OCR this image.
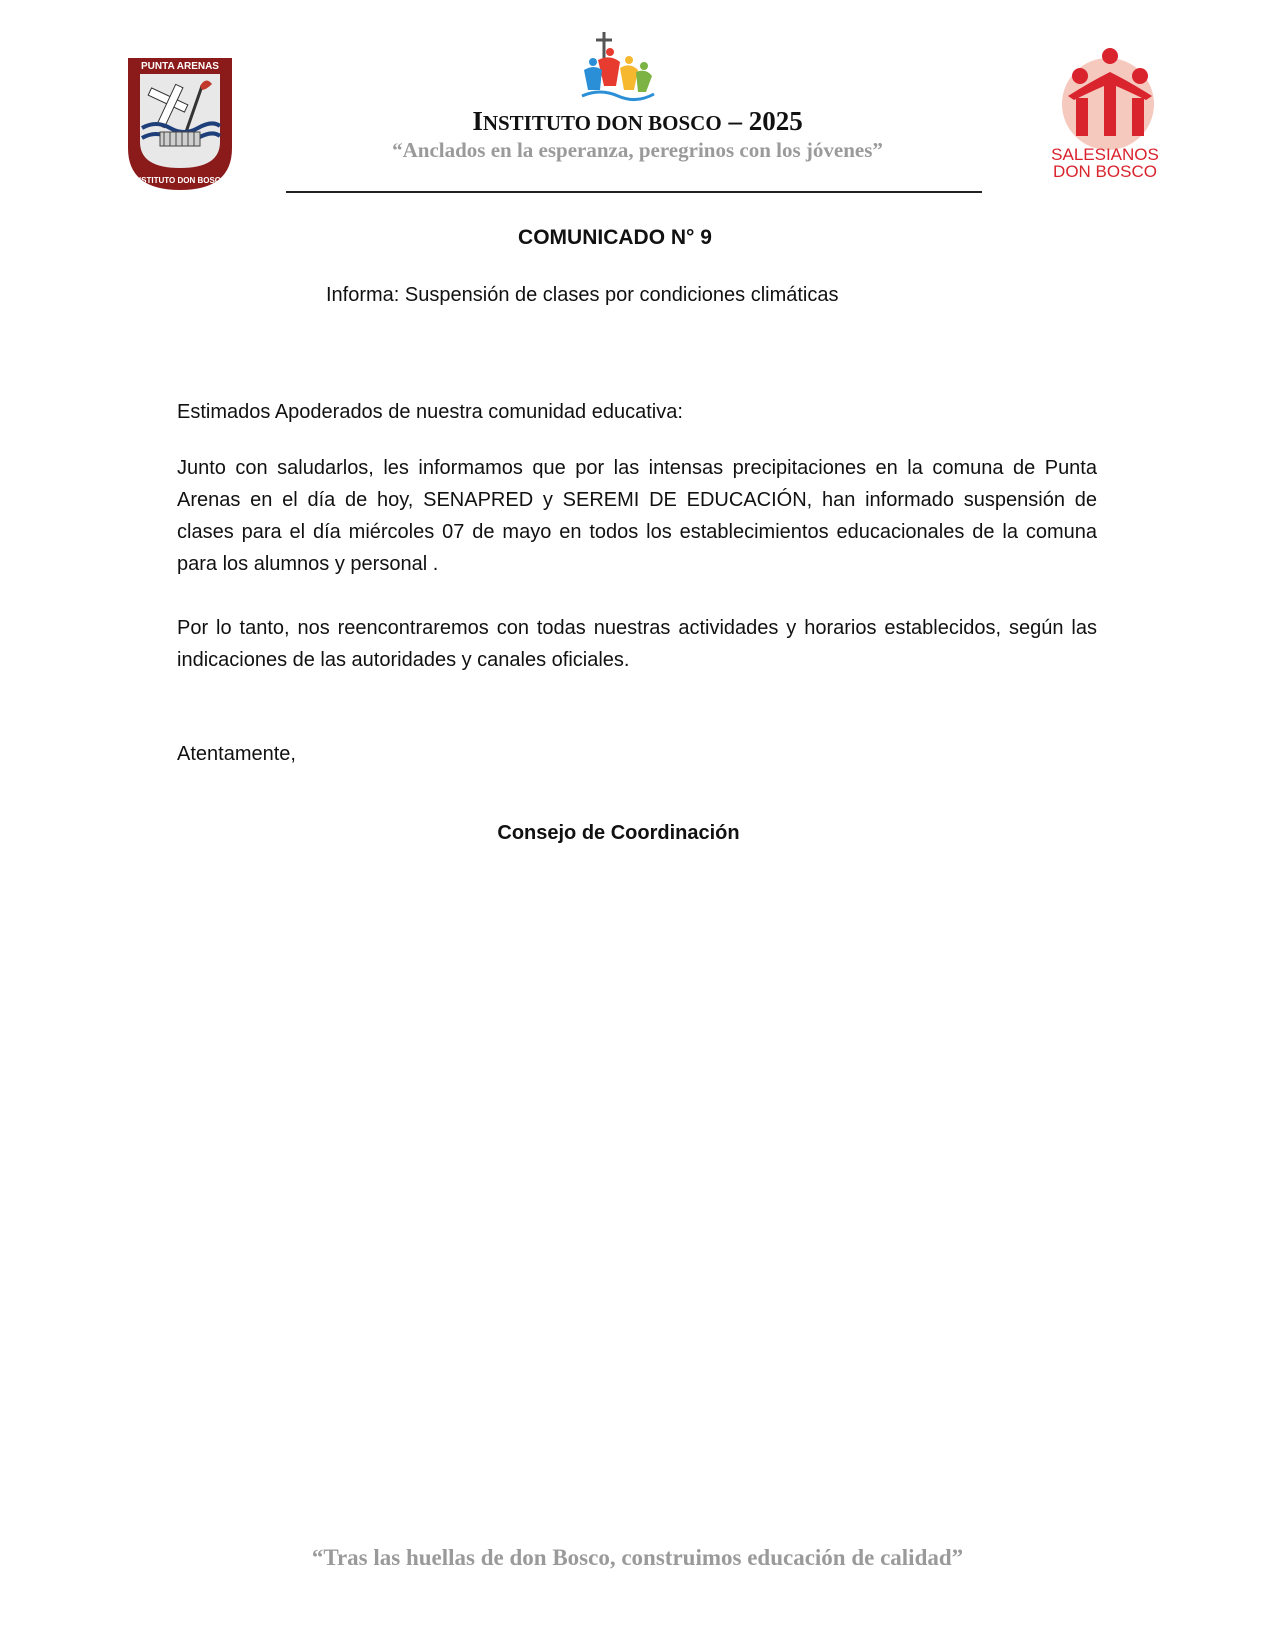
PUNTA ARENAS
INSTITUTO DON BOSCO
SALESIANOS
DON BOSCO
INSTITUTO DON BOSCO – 2025
“Anclados en la esperanza, peregrinos con los jóvenes”
COMUNICADO N° 9
Informa: Suspensión de clases por condiciones climáticas
Estimados Apoderados de nuestra comunidad educativa:
Junto con saludarlos, les informamos que por las intensas precipitaciones en la comuna de Punta Arenas en el día de hoy, SENAPRED y SEREMI DE EDUCACIÓN, han informado suspensión de clases para el día miércoles 07 de mayo en todos los establecimientos educacionales de la comuna para los alumnos y personal .
Por lo tanto, nos reencontraremos con todas nuestras actividades y horarios establecidos, según las indicaciones de las autoridades y canales oficiales.
Atentamente,
Consejo de Coordinación
“Tras las huellas de don Bosco, construimos educación de calidad”
